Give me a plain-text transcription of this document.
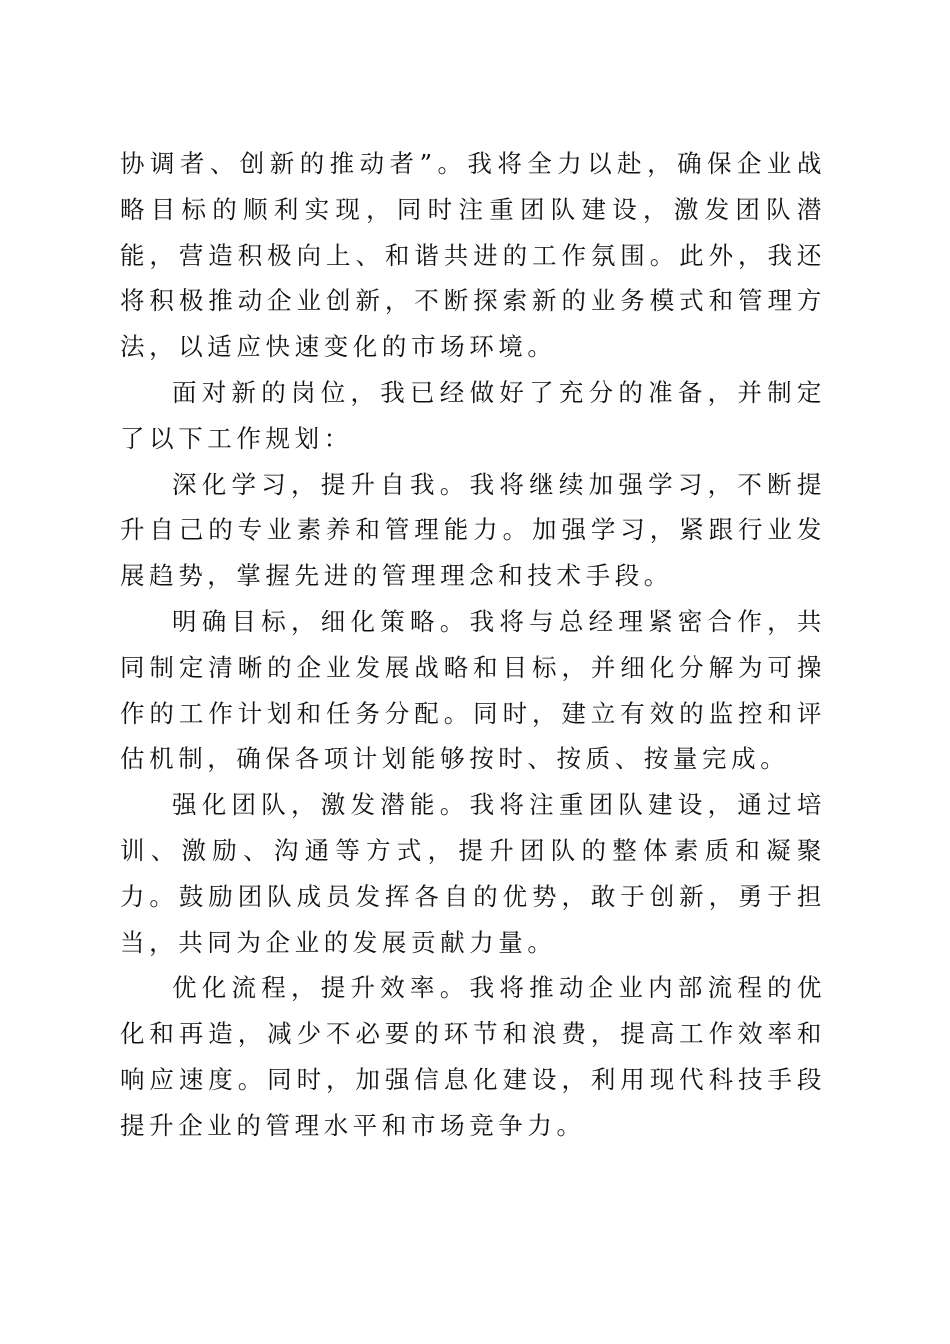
协调者、创新的推动者”。我将全力以赴，确保企业战略目标的顺利实现，同时注重团队建设，激发团队潜能，营造积极向上、和谐共进的工作氛围。此外，我还将积极推动企业创新，不断探索新的业务模式和管理方法，以适应快速变化的市场环境。

面对新的岗位，我已经做好了充分的准备，并制定了以下工作规划：

深化学习，提升自我。我将继续加强学习，不断提升自己的专业素养和管理能力。加强学习，紧跟行业发展趋势，掌握先进的管理理念和技术手段。

明确目标，细化策略。我将与总经理紧密合作，共同制定清晰的企业发展战略和目标，并细化分解为可操作的工作计划和任务分配。同时，建立有效的监控和评估机制，确保各项计划能够按时、按质、按量完成。

强化团队，激发潜能。我将注重团队建设，通过培训、激励、沟通等方式，提升团队的整体素质和凝聚力。鼓励团队成员发挥各自的优势，敢于创新，勇于担当，共同为企业的发展贡献力量。

优化流程，提升效率。我将推动企业内部流程的优化和再造，减少不必要的环节和浪费，提高工作效率和响应速度。同时，加强信息化建设，利用现代科技手段提升企业的管理水平和市场竞争力。
